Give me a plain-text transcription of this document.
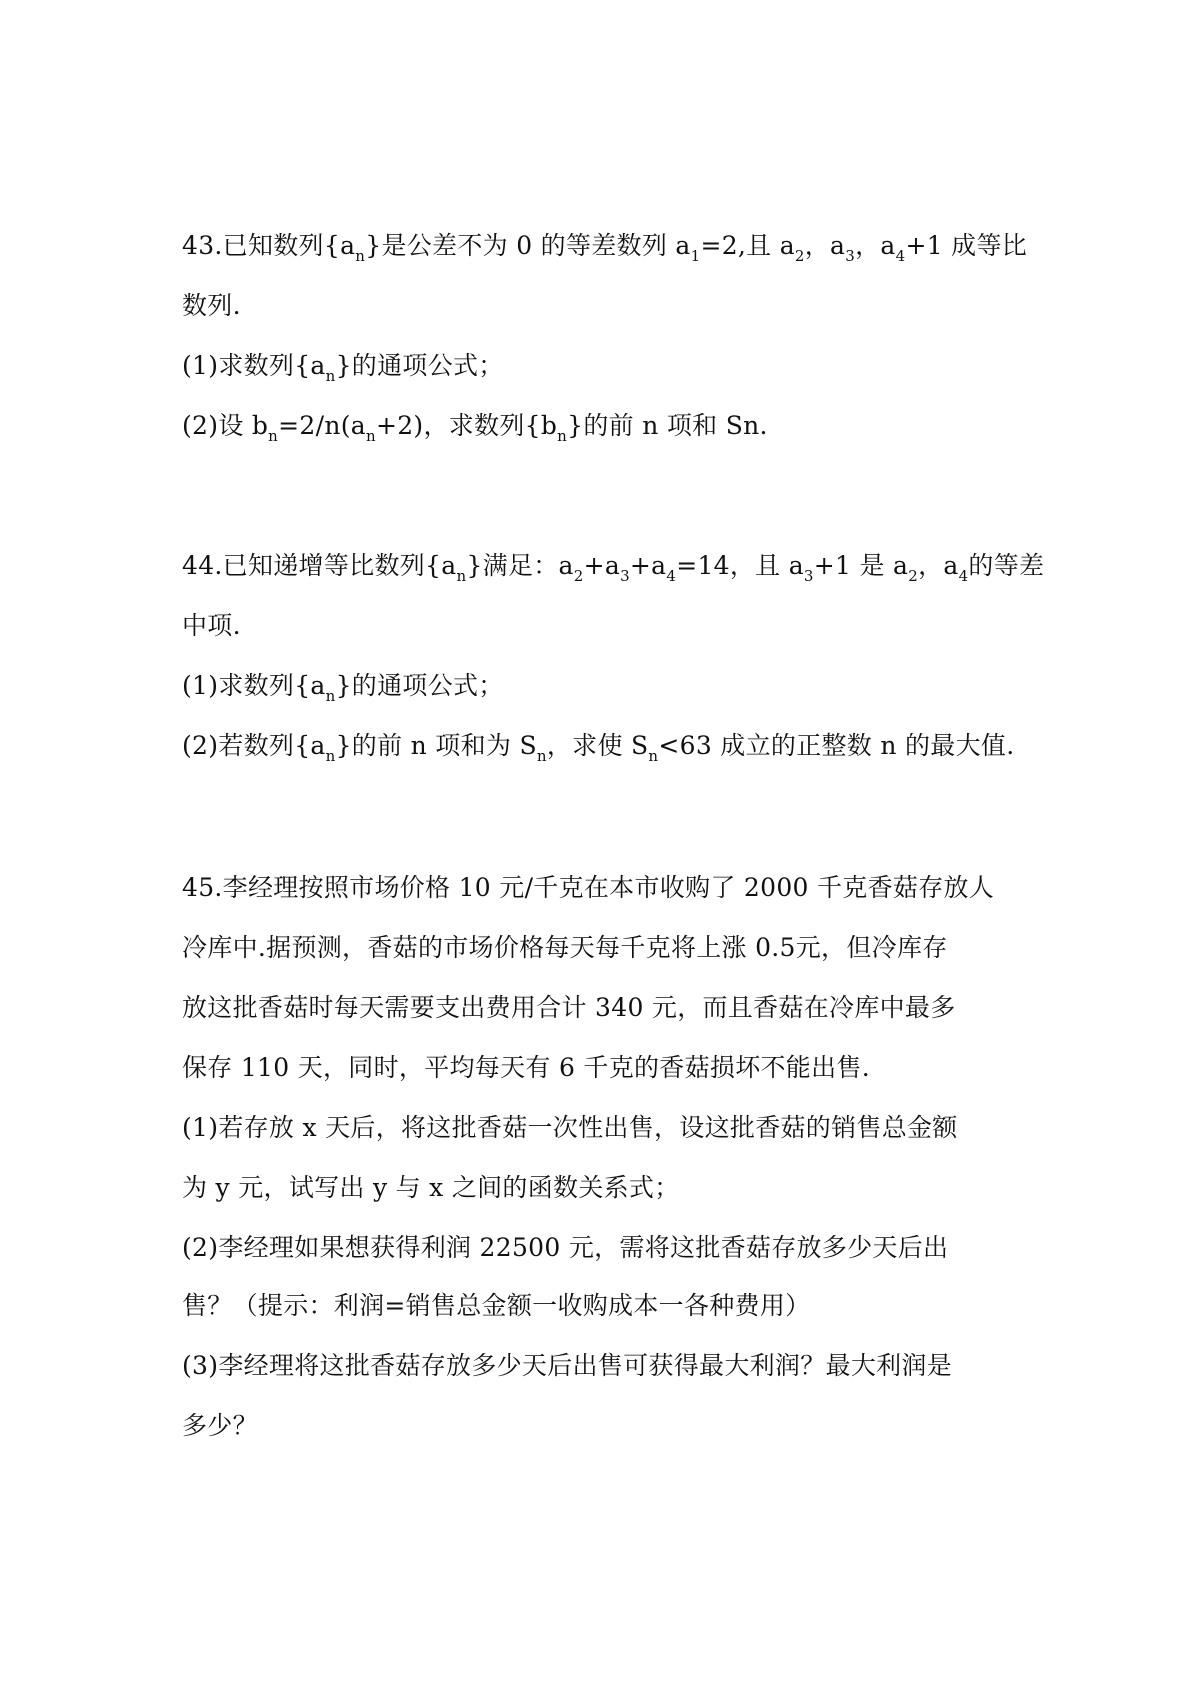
43.已知数列$\{a_n\}$是公差不为 0 的等差数列 $a_1=2$,且 $a_2$，$a_3$，$a_4+1$ 成等比
数列.
(1)求数列$\{a_n\}$的通项公式；
(2)设 $b_n=2/n(a_n+2)$，求数列$\{b_n\}$的前 n 项和 Sn.
44.已知递增等比数列$\{a_n\}$满足：$a_2+a_3+a_4=14$，且 $a_3+1$ 是 $a_2$，$a_4$的等差
中项.
(1)求数列$\{a_n\}$的通项公式；
(2)若数列$\{a_n\}$的前 n 项和为 $S_n$，求使 $S_n<63$ 成立的正整数 n 的最大值.
45.李经理按照市场价格 10 元/千克在本市收购了 2000 千克香菇存放人
冷库中.据预测，香菇的市场价格每天每千克将上涨 0.5元，但冷库存
放这批香菇时每天需要支出费用合计 340 元，而且香菇在冷库中最多
保存 110 天，同时，平均每天有 6 千克的香菇损坏不能出售.
(1)若存放 x 天后，将这批香菇一次性出售，设这批香菇的销售总金额
为 y 元，试写出 y 与 x 之间的函数关系式；
(2)李经理如果想获得利润 22500 元，需将这批香菇存放多少天后出
售？（提示：利润=销售总金额一收购成本一各种费用）
(3)李经理将这批香菇存放多少天后出售可获得最大利润？最大利润是
多少？
